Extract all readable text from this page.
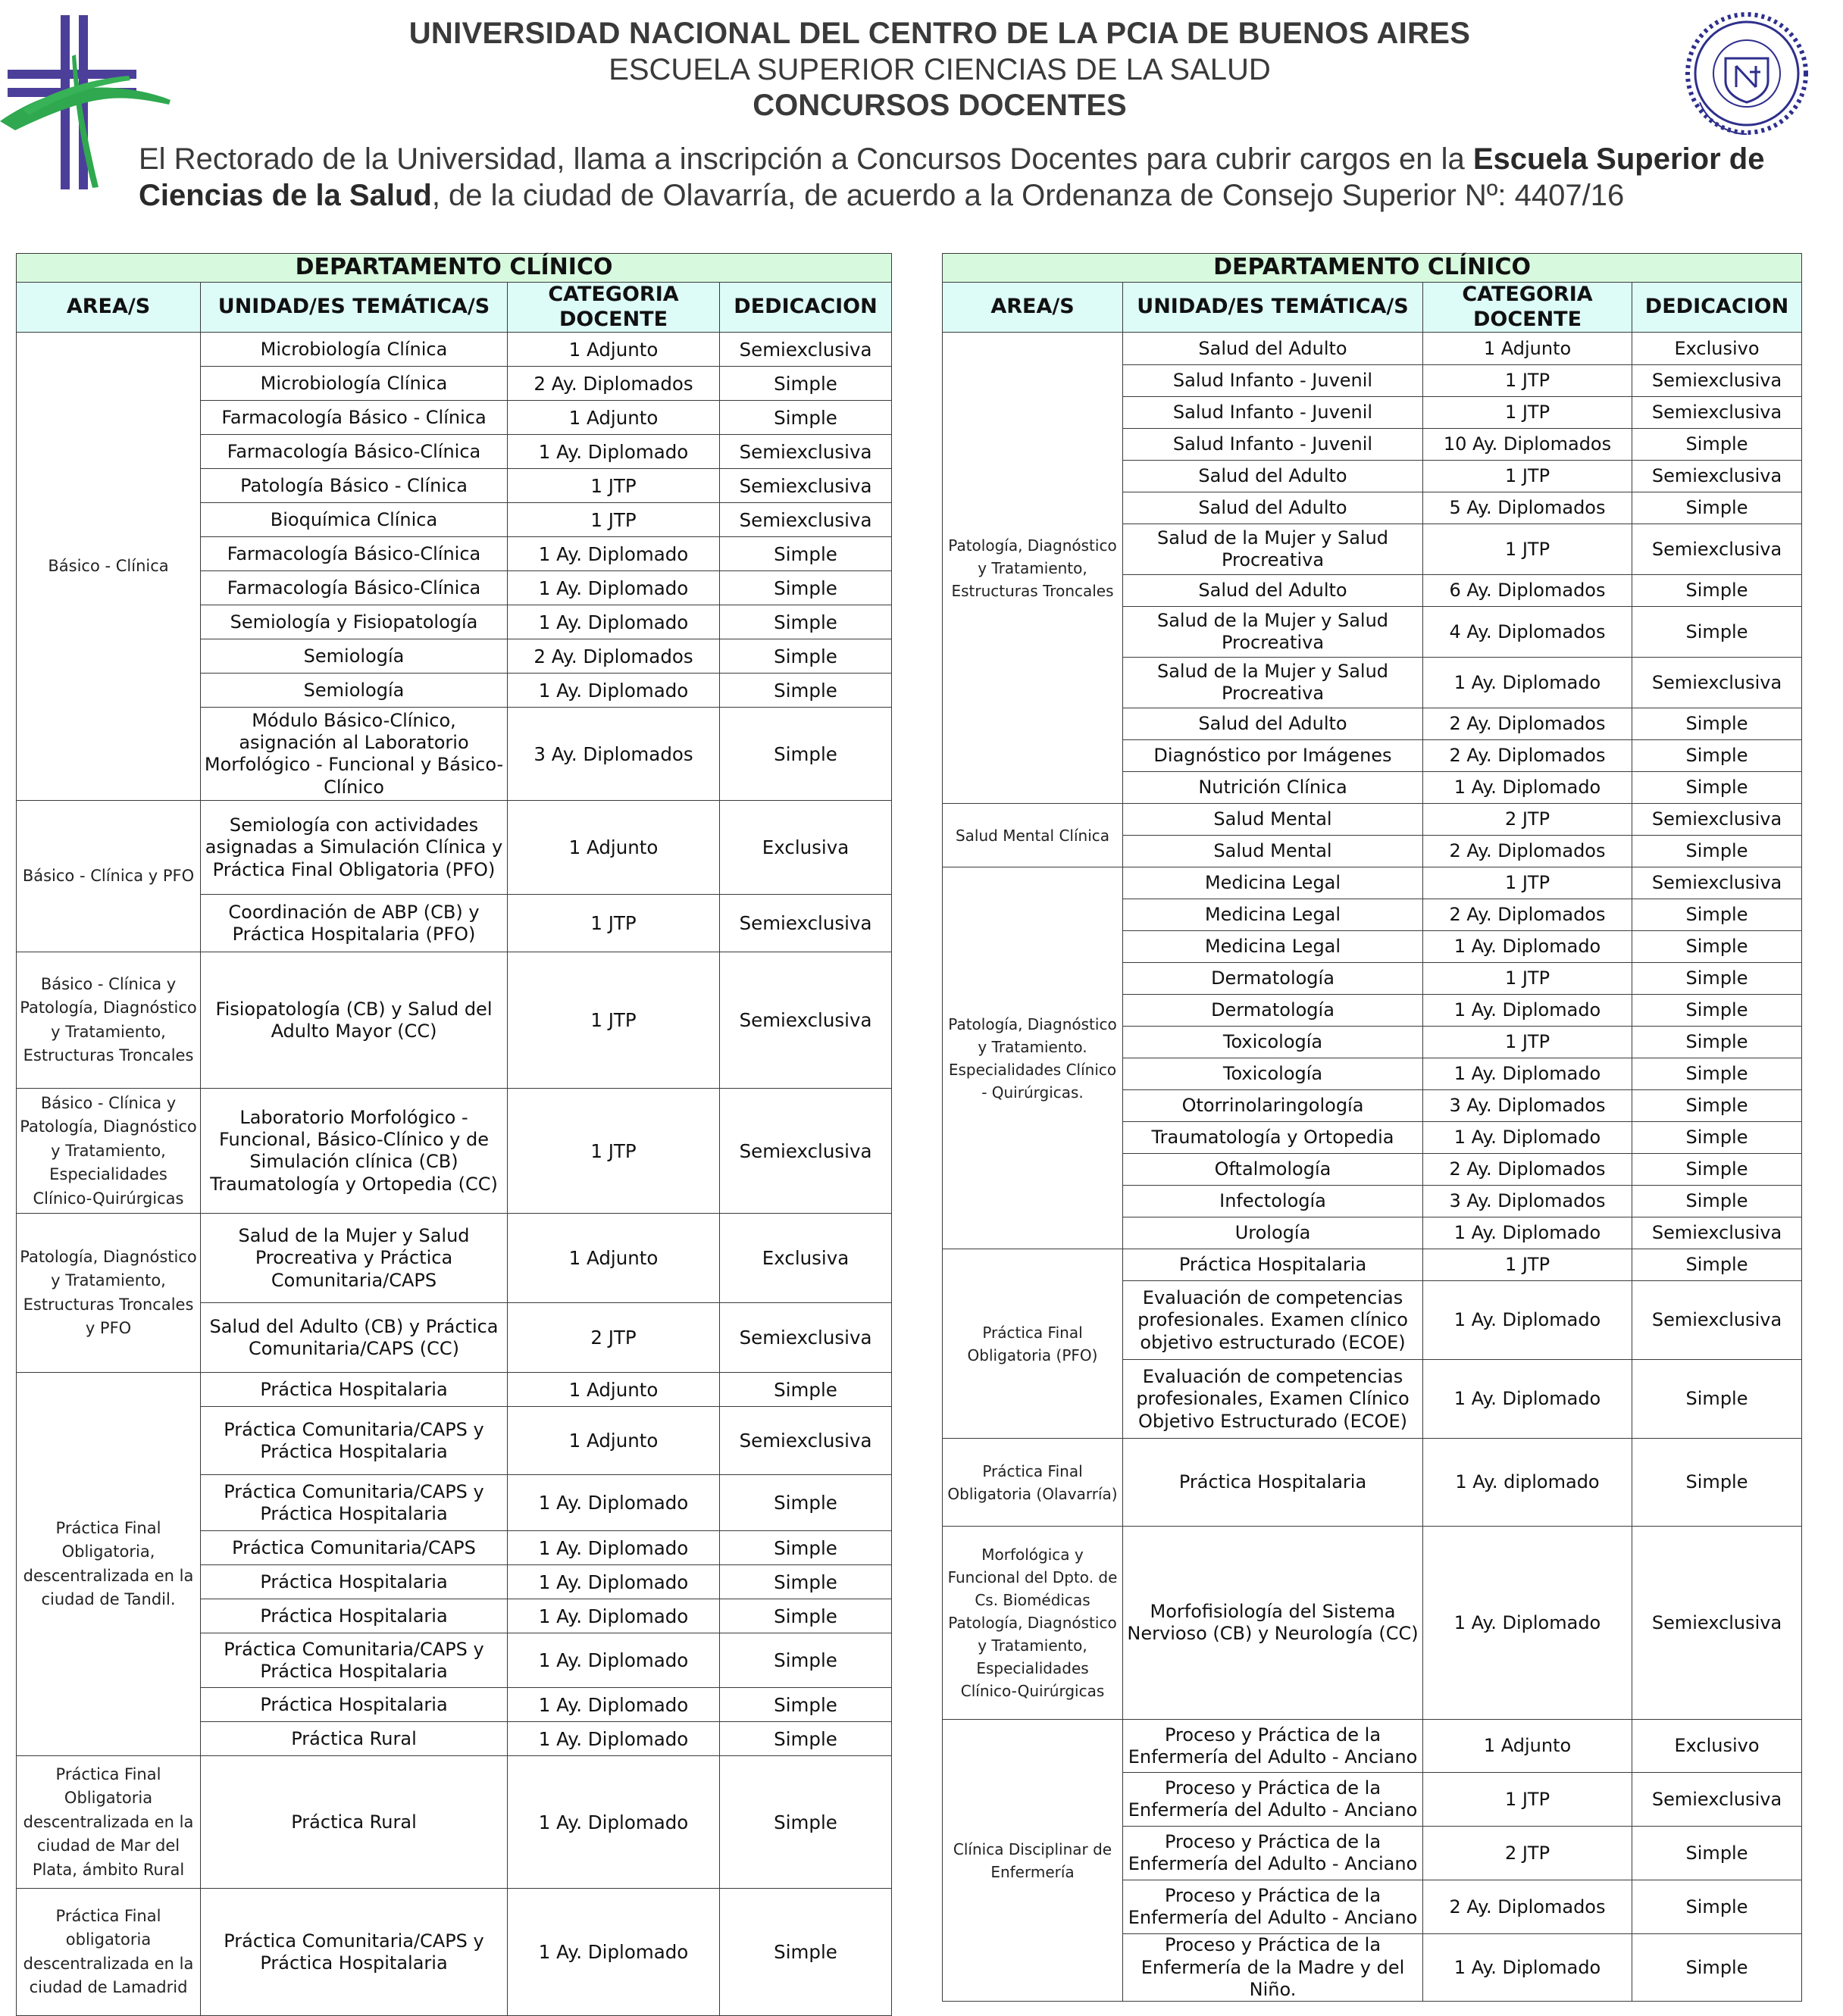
UNIVERSIDAD NACIONAL DEL CENTRO DE LA PCIA DE BUENOS AIRES
ESCUELA SUPERIOR CIENCIAS DE LA SALUD
CONCURSOS DOCENTES
El Rectorado de la Universidad, llama a inscripción a Concursos Docentes para cubrir cargos en la Escuela Superior de Ciencias de la Salud, de la ciudad de Olavarría, de acuerdo a la Ordenanza de Consejo Superior Nº: 4407/16
DEPARTAMENTO CLÍNICO			
AREA/S	UNIDAD/ES TEMÁTICA/S	CATEGORIA DOCENTE	DEDICACION
Básico - Clínica	Microbiología Clínica	1 Adjunto	Semiexclusiva
	Microbiología Clínica	2 Ay. Diplomados	Simple
	Farmacología Básico - Clínica	1 Adjunto	Simple
	Farmacología Básico-Clínica	1 Ay. Diplomado	Semiexclusiva
	Patología Básico - Clínica	1 JTP	Semiexclusiva
	Bioquímica Clínica	1 JTP	Semiexclusiva
	Farmacología Básico-Clínica	1 Ay. Diplomado	Simple
	Farmacología Básico-Clínica	1 Ay. Diplomado	Simple
	Semiología y Fisiopatología	1 Ay. Diplomado	Simple
	Semiología	2 Ay. Diplomados	Simple
	Semiología	1 Ay. Diplomado	Simple
	Módulo Básico-Clínico, asignación al Laboratorio Morfológico - Funcional y Básico-Clínico	3 Ay. Diplomados	Simple
Básico - Clínica y PFO	Semiología con actividades asignadas a Simulación Clínica y Práctica Final Obligatoria (PFO)	1 Adjunto	Exclusiva
	Coordinación de ABP (CB) y Práctica Hospitalaria (PFO)	1 JTP	Semiexclusiva
Básico - Clínica y Patología, Diagnóstico y Tratamiento, Estructuras Troncales	Fisiopatología (CB) y Salud del Adulto Mayor (CC)	1 JTP	Semiexclusiva
Básico - Clínica y Patología, Diagnóstico y Tratamiento, Especialidades Clínico-Quirúrgicas	Laboratorio Morfológico - Funcional, Básico-Clínico y de Simulación clínica (CB) Traumatología y Ortopedia (CC)	1 JTP	Semiexclusiva
Patología, Diagnóstico y Tratamiento, Estructuras Troncales y PFO	Salud de la Mujer y Salud Procreativa y Práctica Comunitaria/CAPS	1 Adjunto	Exclusiva
	Salud del Adulto (CB) y Práctica Comunitaria/CAPS (CC)	2 JTP	Semiexclusiva
Práctica Final Obligatoria, descentralizada en la ciudad de Tandil.	Práctica Hospitalaria	1 Adjunto	Simple
	Práctica Comunitaria/CAPS y Práctica Hospitalaria	1 Adjunto	Semiexclusiva
	Práctica Comunitaria/CAPS y Práctica Hospitalaria	1 Ay. Diplomado	Simple
	Práctica Comunitaria/CAPS	1 Ay. Diplomado	Simple
	Práctica Hospitalaria	1 Ay. Diplomado	Simple
	Práctica Hospitalaria	1 Ay. Diplomado	Simple
	Práctica Comunitaria/CAPS y Práctica Hospitalaria	1 Ay. Diplomado	Simple
	Práctica Hospitalaria	1 Ay. Diplomado	Simple
	Práctica Rural	1 Ay. Diplomado	Simple
Práctica Final Obligatoria descentralizada en la ciudad de Mar del Plata, ámbito Rural	Práctica Rural	1 Ay. Diplomado	Simple
Práctica Final obligatoria descentralizada en la ciudad de Lamadrid	Práctica Comunitaria/CAPS y Práctica Hospitalaria	1 Ay. Diplomado	Simple
DEPARTAMENTO CLÍNICO			
AREA/S	UNIDAD/ES TEMÁTICA/S	CATEGORIA DOCENTE	DEDICACION
Patología, Diagnóstico y Tratamiento, Estructuras Troncales	Salud del Adulto	1 Adjunto	Exclusivo
	Salud Infanto - Juvenil	1 JTP	Semiexclusiva
	Salud Infanto - Juvenil	1 JTP	Semiexclusiva
	Salud Infanto - Juvenil	10 Ay. Diplomados	Simple
	Salud del Adulto	1 JTP	Semiexclusiva
	Salud del Adulto	5 Ay. Diplomados	Simple
	Salud de la Mujer y Salud Procreativa	1 JTP	Semiexclusiva
	Salud del Adulto	6 Ay. Diplomados	Simple
	Salud de la Mujer y Salud Procreativa	4 Ay. Diplomados	Simple
	Salud de la Mujer y Salud Procreativa	1 Ay. Diplomado	Semiexclusiva
	Salud del Adulto	2 Ay. Diplomados	Simple
	Diagnóstico por Imágenes	2 Ay. Diplomados	Simple
	Nutrición Clínica	1 Ay. Diplomado	Simple
Salud Mental Clínica	Salud Mental	2 JTP	Semiexclusiva
	Salud Mental	2 Ay. Diplomados	Simple
Patología, Diagnóstico y Tratamiento. Especialidades Clínico - Quirúrgicas.	Medicina Legal	1 JTP	Semiexclusiva
	Medicina Legal	2 Ay. Diplomados	Simple
	Medicina Legal	1 Ay. Diplomado	Simple
	Dermatología	1 JTP	Simple
	Dermatología	1 Ay. Diplomado	Simple
	Toxicología	1 JTP	Simple
	Toxicología	1 Ay. Diplomado	Simple
	Otorrinolaringología	3 Ay. Diplomados	Simple
	Traumatología y Ortopedia	1 Ay. Diplomado	Simple
	Oftalmología	2 Ay. Diplomados	Simple
	Infectología	3 Ay. Diplomados	Simple
	Urología	1 Ay. Diplomado	Semiexclusiva
Práctica Final Obligatoria (PFO)	Práctica Hospitalaria	1 JTP	Simple
	Evaluación de competencias profesionales. Examen clínico objetivo estructurado (ECOE)	1 Ay. Diplomado	Semiexclusiva
	Evaluación de competencias profesionales, Examen Clínico Objetivo Estructurado (ECOE)	1 Ay. Diplomado	Simple
Práctica Final Obligatoria (Olavarría)	Práctica Hospitalaria	1 Ay. diplomado	Simple
Morfológica y Funcional del Dpto. de Cs. Biomédicas Patología, Diagnóstico y Tratamiento, Especialidades Clínico-Quirúrgicas	Morfofisiología del Sistema Nervioso (CB) y Neurología (CC)	1 Ay. Diplomado	Semiexclusiva
Clínica Disciplinar de Enfermería	Proceso y Práctica de la Enfermería del Adulto - Anciano	1 Adjunto	Exclusivo
	Proceso y Práctica de la Enfermería del Adulto - Anciano	1 JTP	Semiexclusiva
	Proceso y Práctica de la Enfermería del Adulto - Anciano	2 JTP	Simple
	Proceso y Práctica de la Enfermería del Adulto - Anciano	2 Ay. Diplomados	Simple
	Proceso y Práctica de la Enfermería de la Madre y del Niño.	1 Ay. Diplomado	Simple
